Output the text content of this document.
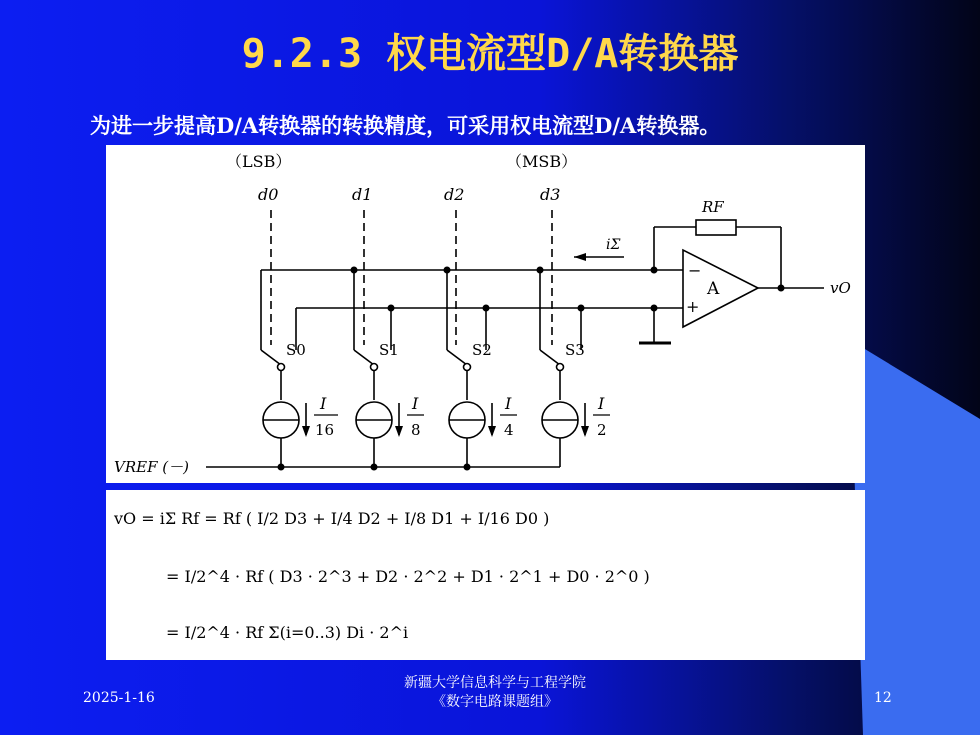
9.2.3 权电流型D/A转换器
为进一步提高D/A转换器的转换精度，可采用权电流型D/A转换器。
（LSB）	（MSB）
d0	d1	d2	d3
S0	S1	S2	S3
I
16
I
8
I
4
I
2
RF
iΣ
A
−
+
vO
VREF (－)
vO = iΣ Rf = Rf ( I/2 D3 + I/4 D2 + I/8 D1 + I/16 D0 )
= I/2^4 · Rf ( D3 · 2^3 + D2 · 2^2 + D1 · 2^1 + D0 · 2^0 )
= I/2^4 · Rf Σ(i=0..3) Di · 2^i
2025-1-16
新疆大学信息科学与工程学院
《数字电路课题组》	12
